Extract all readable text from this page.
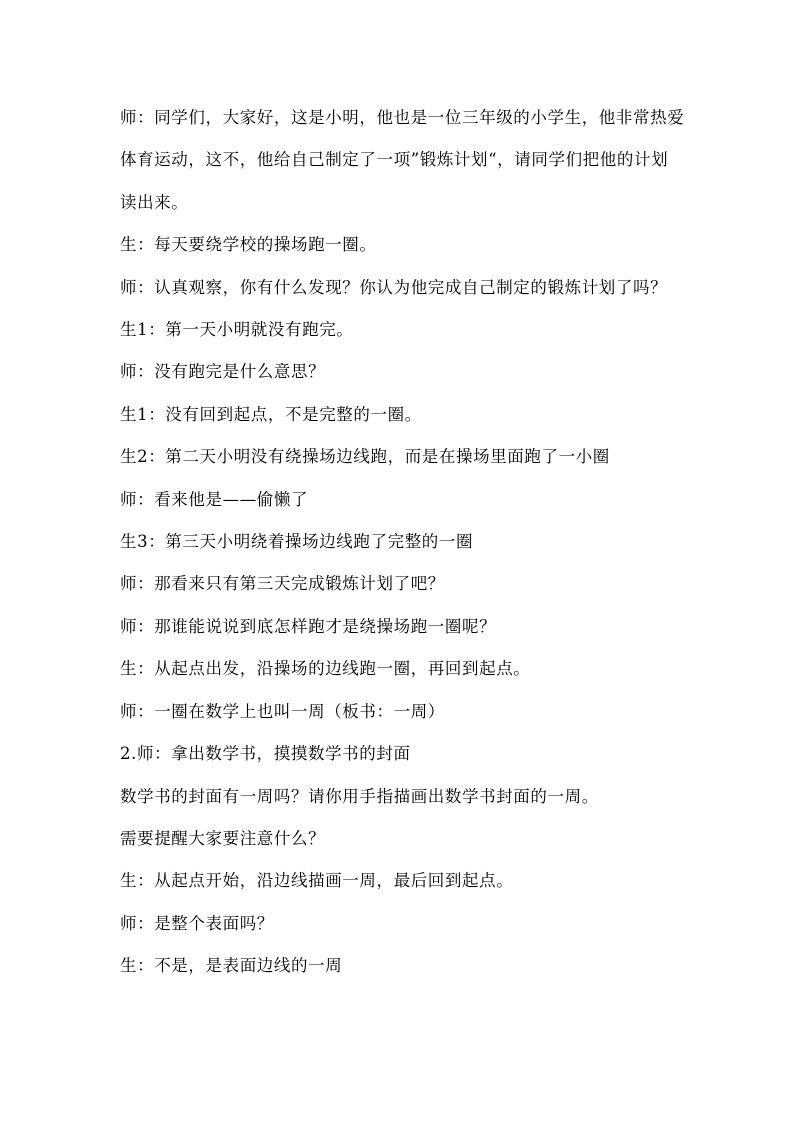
师：同学们，大家好，这是小明，他也是一位三年级的小学生，他非常热爱体育运动，这不，他给自己制定了一项”锻炼计划“，请同学们把他的计划读出来。

生：每天要绕学校的操场跑一圈。

师：认真观察，你有什么发现？你认为他完成自己制定的锻炼计划了吗？

生1：第一天小明就没有跑完。

师：没有跑完是什么意思？

生1：没有回到起点，不是完整的一圈。

生2：第二天小明没有绕操场边线跑，而是在操场里面跑了一小圈

师：看来他是——偷懒了

生3：第三天小明绕着操场边线跑了完整的一圈

师：那看来只有第三天完成锻炼计划了吧？

师：那谁能说说到底怎样跑才是绕操场跑一圈呢？

生：从起点出发，沿操场的边线跑一圈，再回到起点。

师：一圈在数学上也叫一周（板书：一周）

2.师：拿出数学书，摸摸数学书的封面

数学书的封面有一周吗？请你用手指描画出数学书封面的一周。

需要提醒大家要注意什么？

生：从起点开始，沿边线描画一周，最后回到起点。

师：是整个表面吗？

生：不是，是表面边线的一周
